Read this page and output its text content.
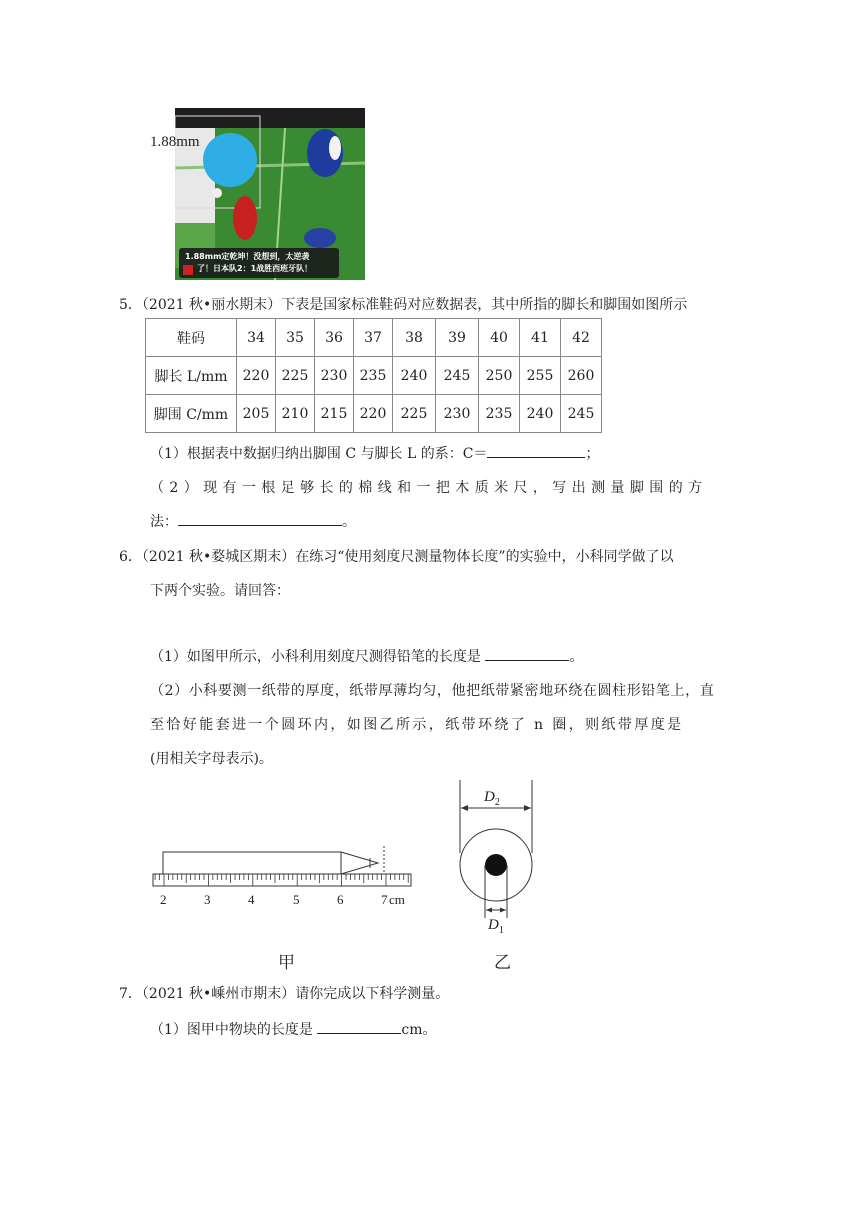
1.88mm定乾坤！没想到，太逆袭
了！日本队2：1战胜西班牙队！
1.88mm
5．（2021 秋•丽水期末）下表是国家标准鞋码对应数据表，其中所指的脚长和脚围如图所示
鞋码	34	35	36	37	38	39	40	41	42
脚长 L/mm	220	225	230	235	240	245	250	255	260
脚围 C/mm	205	210	215	220	225	230	235	240	245
（1）根据表中数据归纳出脚围 C 与脚长 L 的系：C＝	；
（2）现有一根足够长的棉线和一把木质米尺，写出测量脚围的方
法：	。
6．（2021 秋•婺城区期末）在练习“使用刻度尺测量物体长度”的实验中，小科同学做了以
下两个实验。请回答：
（1）如图甲所示，小科利用刻度尺测得铅笔的长度是	。
（2）小科要测一纸带的厚度，纸带厚薄均匀，他把纸带紧密地环绕在圆柱形铅笔上，直
至恰好能套进一个圆环内，如图乙所示，纸带环绕了 n 圈，则纸带厚度是
(用相关字母表示)。
2	3	4	5	6	7 cm
$D_2$
$D_1$
甲	乙
7．（2021 秋•嵊州市期末）请你完成以下科学测量。
（1）图甲中物块的长度是	cm。
